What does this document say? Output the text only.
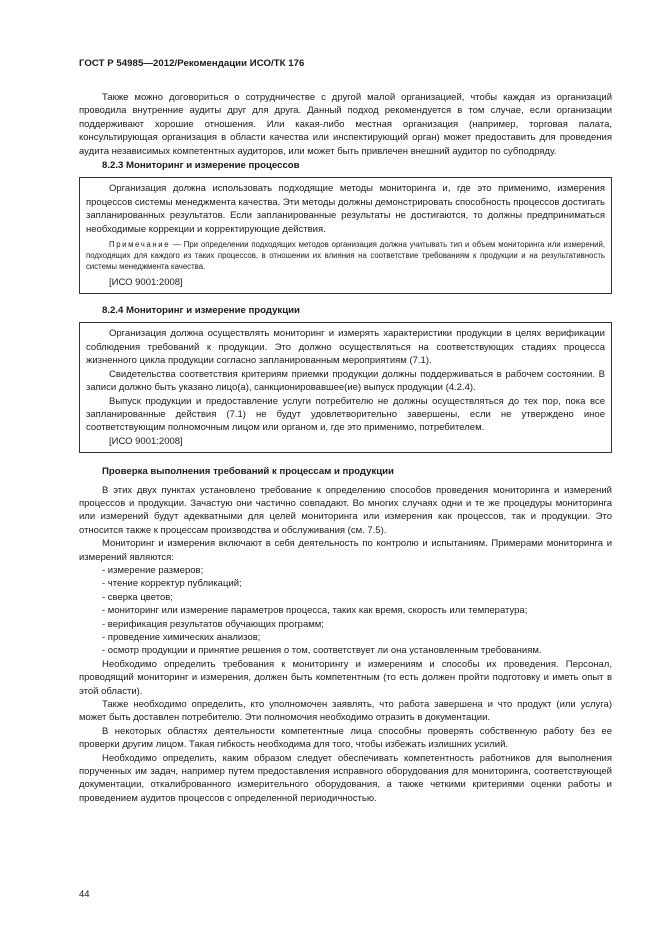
ГОСТ Р 54985—2012/Рекомендации ИСО/ТК 176

Также можно договориться о сотрудничестве с другой малой организацией, чтобы каждая из организаций проводила внутренние аудиты друг для друга. Данный подход рекомендуется в том случае, если организации поддерживают хорошие отношения. Или какая-либо местная организация (например, торговая палата, консультирующая организация в области качества или инспектирующий орган) может предоставить для проведения аудита независимых компетентных аудиторов, или может быть привлечен внешний аудитор по субподряду.

8.2.3 Мониторинг и измерение процессов

Организация должна использовать подходящие методы мониторинга и, где это применимо, измерения процессов системы менеджмента качества. Эти методы должны демонстрировать способность процессов достигать запланированных результатов. Если запланированные результаты не достигаются, то должны предприниматься необходимые коррекции и корректирующие действия.

Примечание — При определении подходящих методов организация должна учитывать тип и объем мониторинга или измерений, подходящих для каждого из таких процессов, в отношении их влияния на соответствие требованиям к продукции и на результативность системы менеджмента качества.

[ИСО 9001:2008]

8.2.4 Мониторинг и измерение продукции

Организация должна осуществлять мониторинг и измерять характеристики продукции в целях верификации соблюдения требований к продукции. Это должно осуществляться на соответствующих стадиях процесса жизненного цикла продукции согласно запланированным мероприятиям (7.1).

Свидетельства соответствия критериям приемки продукции должны поддерживаться в рабочем состоянии. В записи должно быть указано лицо(а), санкционировавшее(ие) выпуск продукции (4.2.4).

Выпуск продукции и предоставление услуги потребителю не должны осуществляться до тех пор, пока все запланированные действия (7.1) не будут удовлетворительно завершены, если не утверждено иное соответствующим полномочным лицом или органом и, где это применимо, потребителем.

[ИСО 9001:2008]

Проверка выполнения требований к процессам и продукции

В этих двух пунктах установлено требование к определению способов проведения мониторинга и измерений процессов и продукции. Зачастую они частично совпадают. Во многих случаях одни и те же процедуры мониторинга или измерений будут адекватными для целей мониторинга или измерения как процессов, так и продукции. Это относится также к процессам производства и обслуживания (см. 7.5).

Мониторинг и измерения включают в себя деятельность по контролю и испытаниям. Примерами мониторинга и измерений являются:

- измерение размеров;
- чтение корректур публикаций;
- сверка цветов;
- мониторинг или измерение параметров процесса, таких как время, скорость или температура;
- верификация результатов обучающих программ;
- проведение химических анализов;
- осмотр продукции и принятие решения о том, соответствует ли она установленным требованиям.

Необходимо определить требования к мониторингу и измерениям и способы их проведения. Персонал, проводящий мониторинг и измерения, должен быть компетентным (то есть должен пройти подготовку и иметь опыт в этой области).

Также необходимо определить, кто уполномочен заявлять, что работа завершена и что продукт (или услуга) может быть доставлен потребителю. Эти полномочия необходимо отразить в документации.

В некоторых областях деятельности компетентные лица способны проверять собственную работу без ее проверки другим лицом. Такая гибкость необходима для того, чтобы избежать излишних усилий.

Необходимо определить, каким образом следует обеспечивать компетентность работников для выполнения порученных им задач, например путем предоставления исправного оборудования для мониторинга, соответствующей документации, откалиброванного измерительного оборудования, а также четкими критериями оценки работы и проведением аудитов процессов с определенной периодичностью.

44
